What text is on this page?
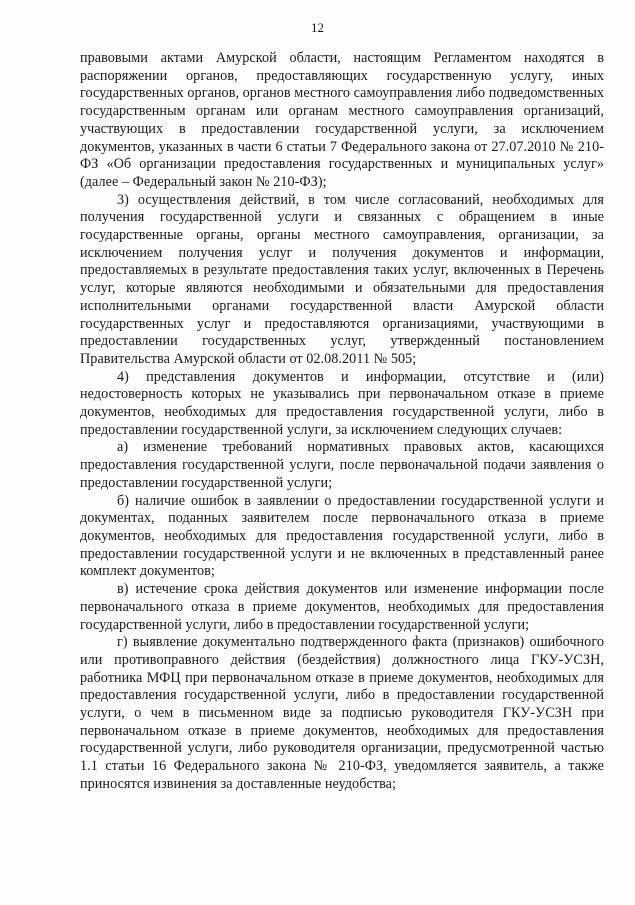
12

правовыми актами Амурской области, настоящим Регламентом находятся в распоряжении органов, предоставляющих государственную услугу, иных государственных органов, органов местного самоуправления либо подведомственных государственным органам или органам местного самоуправления организаций, участвующих в предоставлении государственной услуги, за исключением документов, указанных в части 6 статьи 7 Федерального закона от 27.07.2010 № 210-ФЗ «Об организации предоставления государственных и муниципальных услуг» (далее – Федеральный закон № 210-ФЗ);

3) осуществления действий, в том числе согласований, необходимых для получения государственной услуги и связанных с обращением в иные государственные органы, органы местного самоуправления, организации, за исключением получения услуг и получения документов и информации, предоставляемых в результате предоставления таких услуг, включенных в Перечень услуг, которые являются необходимыми и обязательными для предоставления исполнительными органами государственной власти Амурской области государственных услуг и предоставляются организациями, участвующими в предоставлении государственных услуг, утвержденный постановлением Правительства Амурской области от 02.08.2011 № 505;

4) представления документов и информации, отсутствие и (или) недостоверность которых не указывались при первоначальном отказе в приеме документов, необходимых для предоставления государственной услуги, либо в предоставлении государственной услуги, за исключением следующих случаев:

а) изменение требований нормативных правовых актов, касающихся предоставления государственной услуги, после первоначальной подачи заявления о предоставлении государственной услуги;

б) наличие ошибок в заявлении о предоставлении государственной услуги и документах, поданных заявителем после первоначального отказа в приеме документов, необходимых для предоставления государственной услуги, либо в предоставлении государственной услуги и не включенных в представленный ранее комплект документов;

в) истечение срока действия документов или изменение информации после первоначального отказа в приеме документов, необходимых для предоставления государственной услуги, либо в предоставлении государственной услуги;

г) выявление документально подтвержденного факта (признаков) ошибочного или противоправного действия (бездействия) должностного лица ГКУ-УСЗН, работника МФЦ при первоначальном отказе в приеме документов, необходимых для предоставления государственной услуги, либо в предоставлении государственной услуги, о чем в письменном виде за подписью руководителя ГКУ-УСЗН при первоначальном отказе в приеме документов, необходимых для предоставления государственной услуги, либо руководителя организации, предусмотренной частью 1.1 статьи 16 Федерального закона № 210-ФЗ, уведомляется заявитель, а также приносятся извинения за доставленные неудобства;
